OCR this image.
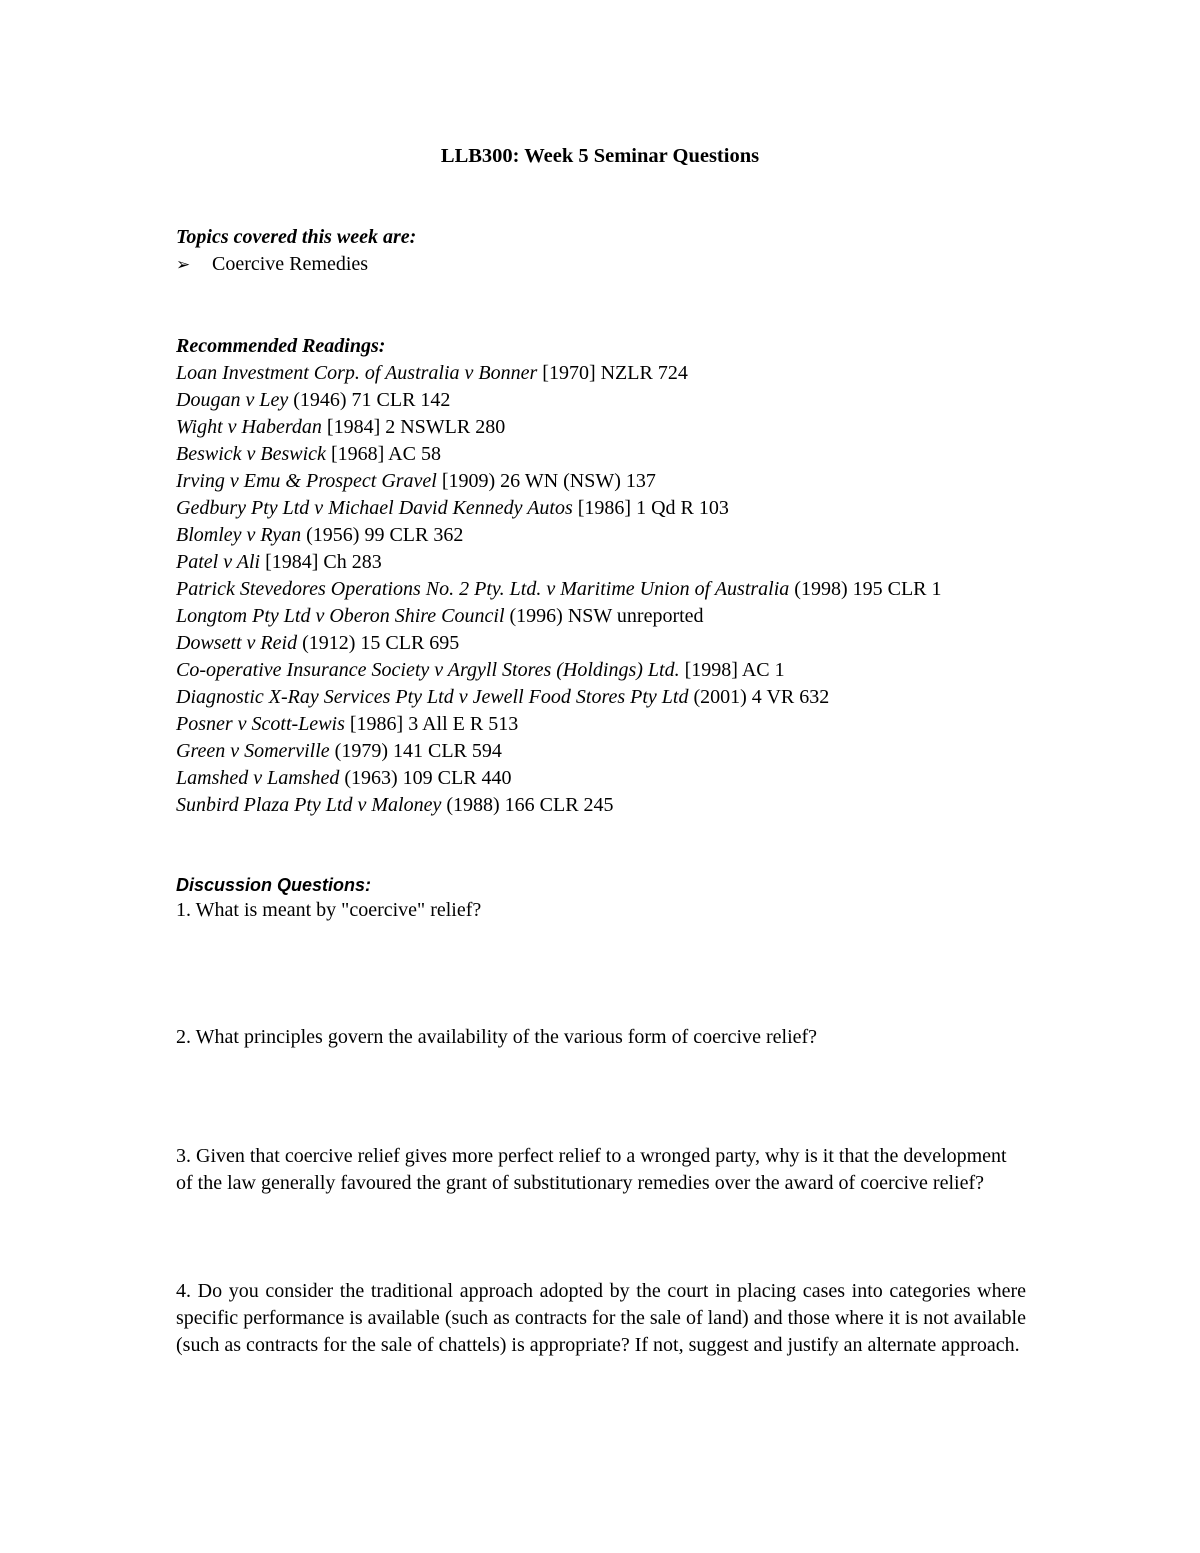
LLB300: Week 5 Seminar Questions
Topics covered this week are:
➢	Coercive Remedies
Recommended Readings:
Loan Investment Corp. of Australia v Bonner [1970] NZLR 724
Dougan v Ley (1946) 71 CLR 142
Wight v Haberdan [1984] 2 NSWLR 280
Beswick v Beswick [1968] AC 58
Irving v Emu & Prospect Gravel [1909) 26 WN (NSW) 137
Gedbury Pty Ltd v Michael David Kennedy Autos [1986] 1 Qd R 103
Blomley v Ryan (1956) 99 CLR 362
Patel v Ali [1984] Ch 283
Patrick Stevedores Operations No. 2 Pty. Ltd. v Maritime Union of Australia (1998) 195 CLR 1
Longtom Pty Ltd v Oberon Shire Council (1996) NSW unreported
Dowsett v Reid (1912) 15 CLR 695
Co-operative Insurance Society v Argyll Stores (Holdings) Ltd. [1998] AC 1
Diagnostic X-Ray Services Pty Ltd v Jewell Food Stores Pty Ltd (2001) 4 VR 632
Posner v Scott-Lewis [1986] 3 All E R 513
Green v Somerville (1979) 141 CLR 594
Lamshed v Lamshed (1963) 109 CLR 440
Sunbird Plaza Pty Ltd v Maloney (1988) 166 CLR 245
Discussion Questions:

1. What is meant by "coercive" relief?

2. What principles govern the availability of the various form of coercive relief?

3. Given that coercive relief gives more perfect relief to a wronged party, why is it that the development of the law generally favoured the grant of substitutionary remedies over the award of coercive relief?

4. Do you consider the traditional approach adopted by the court in placing cases into categories where specific performance is available (such as contracts for the sale of land) and those where it is not available (such as contracts for the sale of chattels) is appropriate? If not, suggest and justify an alternate approach.
